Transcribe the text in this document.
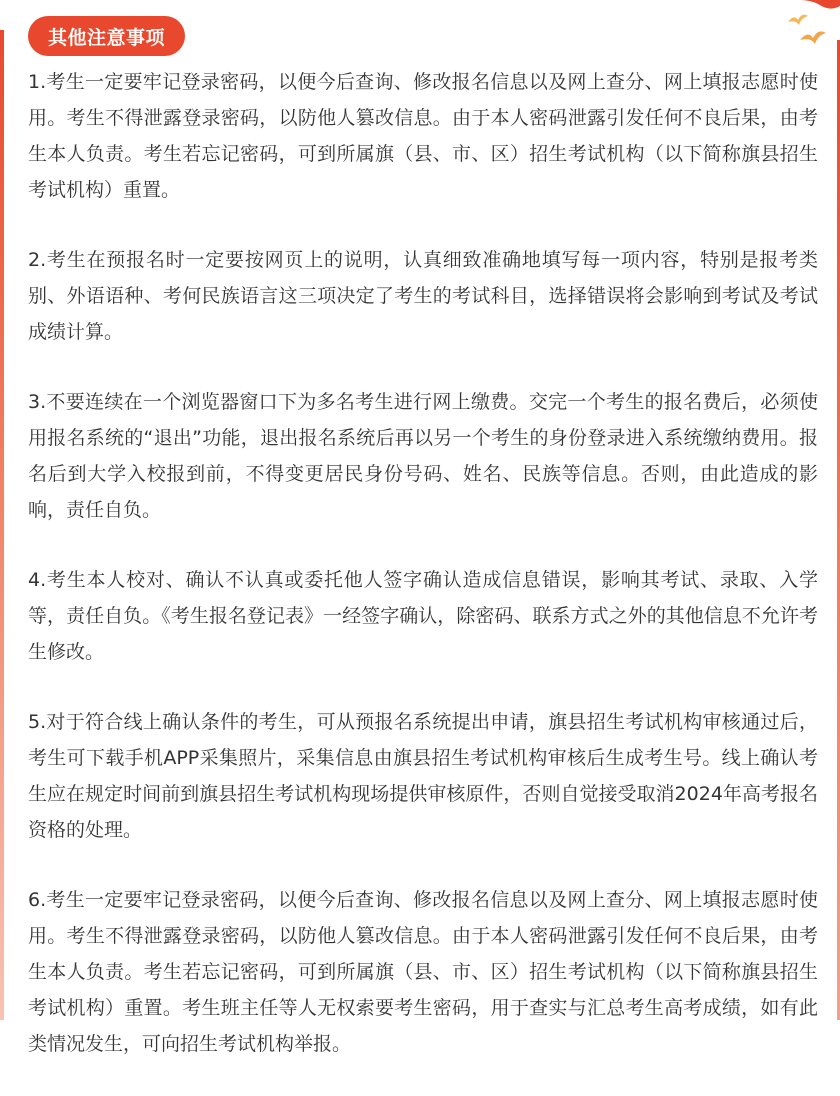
其他注意事项

1.考生一定要牢记登录密码，以便今后查询、修改报名信息以及网上查分、网上填报志愿时使用。考生不得泄露登录密码，以防他人篡改信息。由于本人密码泄露引发任何不良后果，由考生本人负责。考生若忘记密码，可到所属旗（县、市、区）招生考试机构（以下简称旗县招生考试机构）重置。

2.考生在预报名时一定要按网页上的说明，认真细致准确地填写每一项内容，特别是报考类别、外语语种、考何民族语言这三项决定了考生的考试科目，选择错误将会影响到考试及考试成绩计算。

3.不要连续在一个浏览器窗口下为多名考生进行网上缴费。交完一个考生的报名费后，必须使用报名系统的“退出”功能，退出报名系统后再以另一个考生的身份登录进入系统缴纳费用。报名后到大学入校报到前，不得变更居民身份号码、姓名、民族等信息。否则，由此造成的影响，责任自负。

4.考生本人校对、确认不认真或委托他人签字确认造成信息错误，影响其考试、录取、入学等，责任自负。《考生报名登记表》一经签字确认，除密码、联系方式之外的其他信息不允许考生修改。

5.对于符合线上确认条件的考生，可从预报名系统提出申请，旗县招生考试机构审核通过后，考生可下载手机APP采集照片，采集信息由旗县招生考试机构审核后生成考生号。线上确认考生应在规定时间前到旗县招生考试机构现场提供审核原件，否则自觉接受取消2024年高考报名资格的处理。

6.考生一定要牢记登录密码，以便今后查询、修改报名信息以及网上查分、网上填报志愿时使用。考生不得泄露登录密码，以防他人篡改信息。由于本人密码泄露引发任何不良后果，由考生本人负责。考生若忘记密码，可到所属旗（县、市、区）招生考试机构（以下简称旗县招生考试机构）重置。考生班主任等人无权索要考生密码，用于查实与汇总考生高考成绩，如有此类情况发生，可向招生考试机构举报。
